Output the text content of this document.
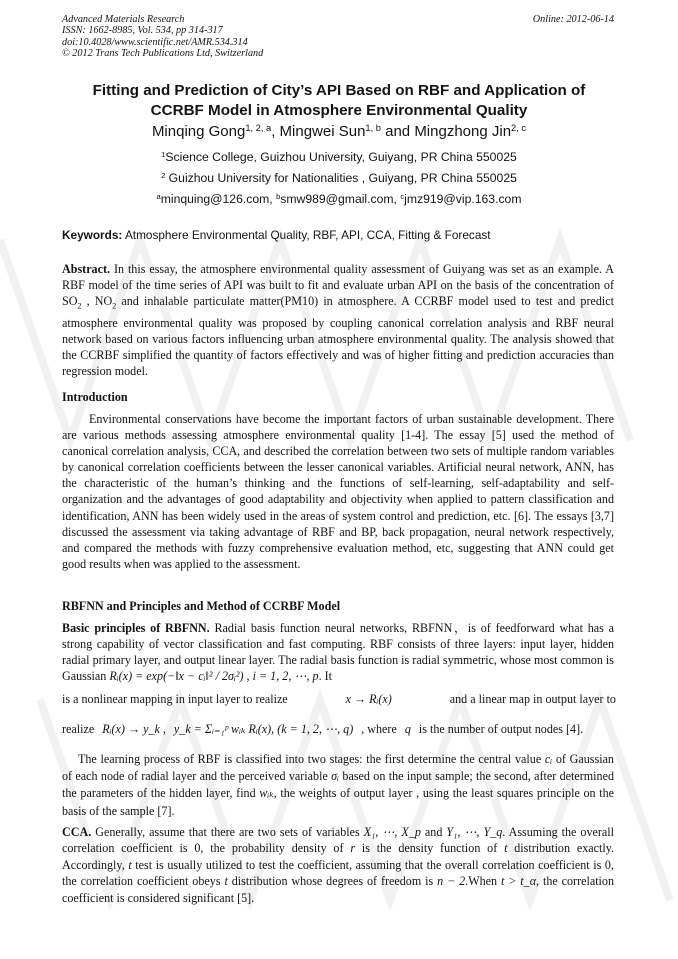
Advanced Materials Research
ISSN: 1662-8985, Vol. 534, pp 314-317
doi:10.4028/www.scientific.net/AMR.534.314
© 2012 Trans Tech Publications Ltd, Switzerland
Online: 2012-06-14
Fitting and Prediction of City’s API Based on RBF and Application of
CCRBF Model in Atmosphere Environmental Quality
Minqing Gong$^{1, 2, a}$, Mingwei Sun$^{1, b}$ and Mingzhong Jin$^{2, c}$
$^1$Science College, Guizhou University, Guiyang, PR China 550025
$^2$ Guizhou University for Nationalities , Guiyang, PR China 550025
$^a$minquing@126.com, $^b$smw989@gmail.com, $^c$jmz919@vip.163.com
Keywords: Atmosphere Environmental Quality, RBF, API, CCA, Fitting & Forecast

Abstract. In this essay, the atmosphere environmental quality assessment of Guiyang was set as an example. A RBF model of the time series of API was built to fit and evaluate urban API on the basis of the concentration of $SO_2$ , $NO_2$ and inhalable particulate matter(PM10) in atmosphere. A CCRBF model used to test and predict atmosphere environmental quality was proposed by coupling canonical correlation analysis and RBF neural network based on various factors influencing urban atmosphere environmental quality. The analysis showed that the CCRBF simplified the quantity of factors effectively and was of higher fitting and prediction accuracies than regression model.

Introduction

Environmental conservations have become the important factors of urban sustainable development. There are various methods assessing atmosphere environmental quality [1-4]. The essay [5] used the method of canonical correlation analysis, CCA, and described the correlation between two sets of multiple random variables by canonical correlation coefficients between the lesser canonical variables. Artificial neural network, ANN, has the characteristic of the human’s thinking and the functions of self-learning, self-adaptability and self-organization and the advantages of good adaptability and objectivity when applied to pattern classification and identification, ANN has been widely used in the areas of system control and prediction, etc. [6]. The essays [3,7] discussed the assessment via taking advantage of RBF and BP, back propagation, neural network respectively, and compared the methods with fuzzy comprehensive evaluation method, etc, suggesting that ANN could get good results when was applied to the assessment.

RBFNN and Principles and Method of CCRBF Model

Basic principles of RBFNN. Radial basis function neural networks, RBFNN，is of feedforward what has a strong capability of vector classification and fast computing. RBF consists of three layers: input layer, hidden radial primary layer, and output linear layer. The radial basis function is radial symmetric, whose most common is Gaussian Rᵢ(x) = exp(−‖x − cᵢ‖² / 2σᵢ²) , i = 1, 2, ⋯, p. It

is a nonlinear mapping in input layer to realize	x → Rᵢ(x)	and a linear map in output layer to
realize Rᵢ(x) → y_k , y_k = Σᵢ₌₁ᵖ wᵢₖ Rᵢ(x), (k = 1, 2, ⋯, q) , where q is the number of output nodes [4].

The learning process of RBF is classified into two stages: the first determine the central value cᵢ of Gaussian of each node of radial layer and the perceived variable σᵢ based on the input sample; the second, after determined the parameters of the hidden layer, find wᵢₖ, the weights of output layer , using the least squares principle on the basis of the sample [7].

CCA. Generally, assume that there are two sets of variables X₁, ⋯, X_p and Y₁, ⋯, Y_q. Assuming the overall correlation coefficient is 0, the probability density of r is the density function of t distribution exactly. Accordingly, t test is usually utilized to test the coefficient, assuming that the overall correlation coefficient is 0, the correlation coefficient obeys t distribution whose degrees of freedom is n − 2.When t > t_α, the correlation coefficient is considered significant [5].
